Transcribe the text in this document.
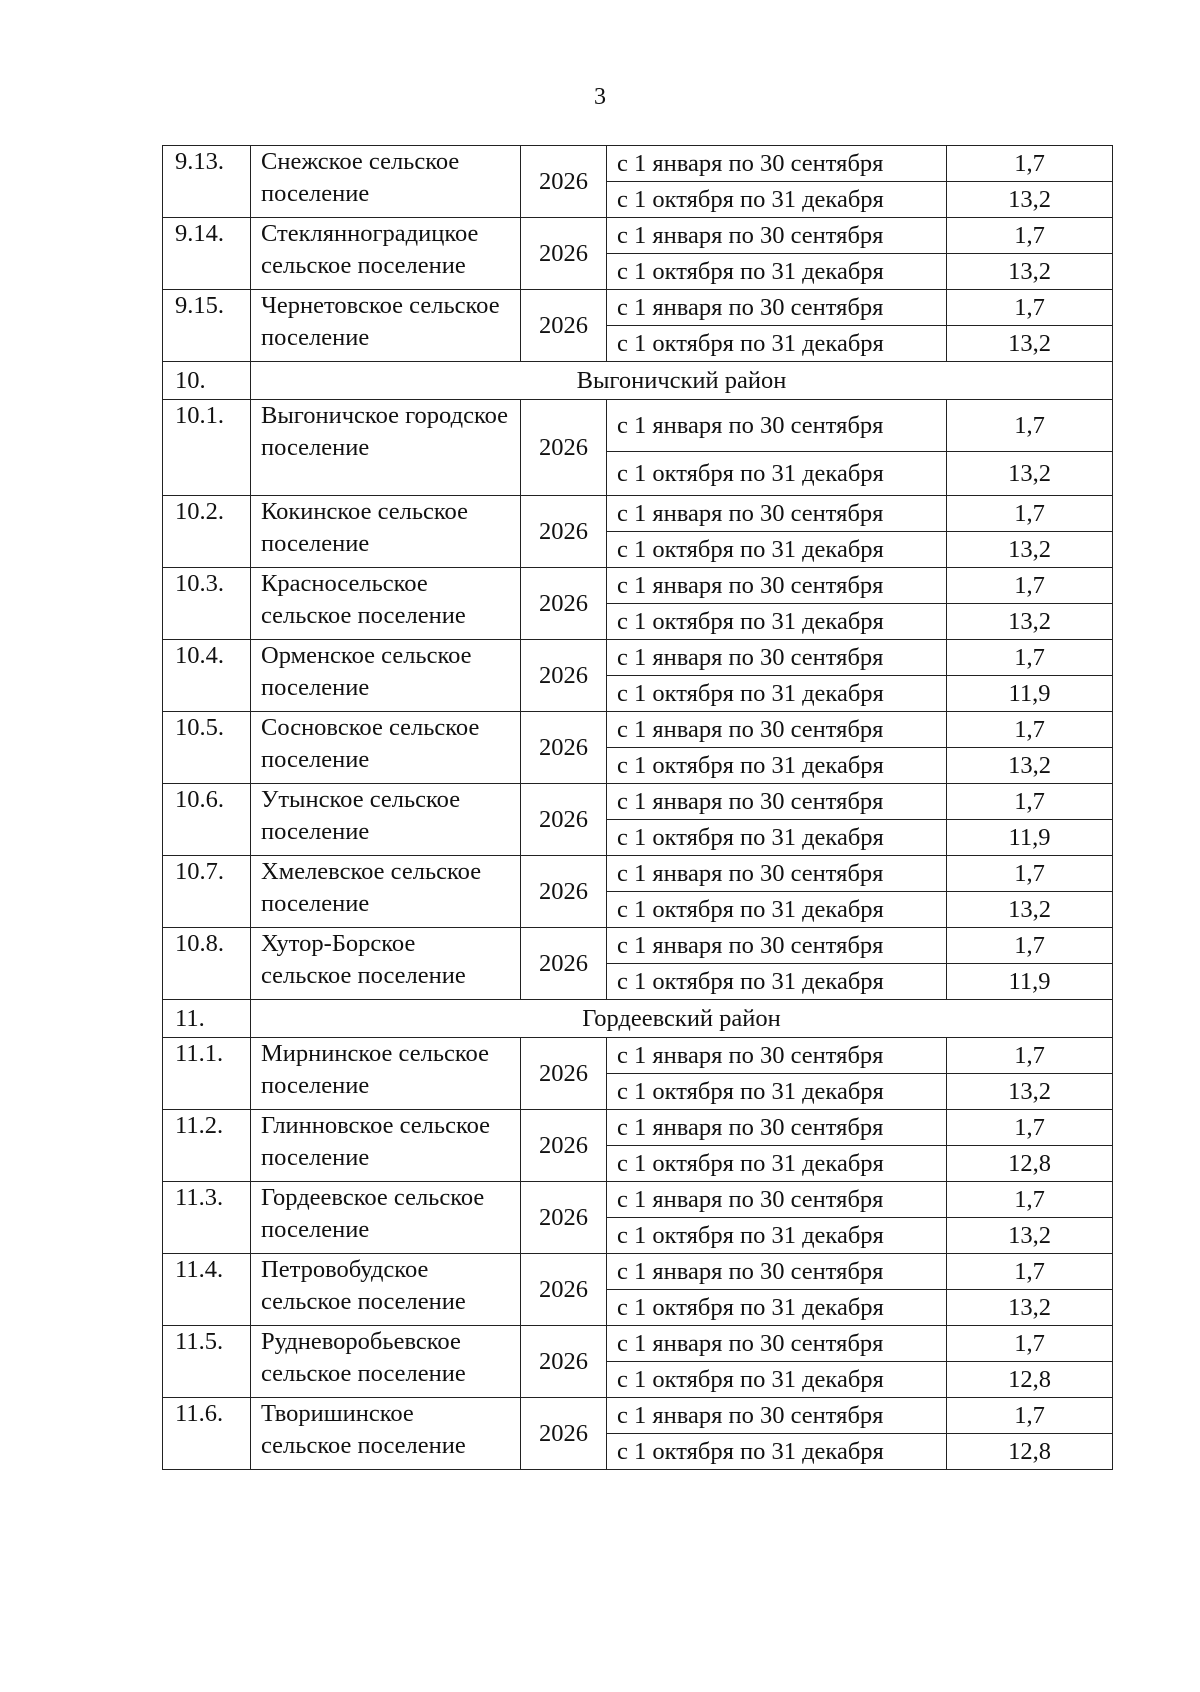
3
9.13.	Снежское сельское поселение	2026	с 1 января по 30 сентября	1,7
			с 1 октября по 31 декабря	13,2
9.14.	Стеклянноградицкое сельское поселение	2026	с 1 января по 30 сентября	1,7
			с 1 октября по 31 декабря	13,2
9.15.	Чернетовское сельское поселение	2026	с 1 января по 30 сентября	1,7
			с 1 октября по 31 декабря	13,2
10.	Выгоничский район			
10.1.	Выгоничское городское поселение	2026	с 1 января по 30 сентября	1,7
			с 1 октября по 31 декабря	13,2
10.2.	Кокинское сельское поселение	2026	с 1 января по 30 сентября	1,7
			с 1 октября по 31 декабря	13,2
10.3.	Красносельское сельское поселение	2026	с 1 января по 30 сентября	1,7
			с 1 октября по 31 декабря	13,2
10.4.	Орменское сельское поселение	2026	с 1 января по 30 сентября	1,7
			с 1 октября по 31 декабря	11,9
10.5.	Сосновское сельское поселение	2026	с 1 января по 30 сентября	1,7
			с 1 октября по 31 декабря	13,2
10.6.	Утынское сельское поселение	2026	с 1 января по 30 сентября	1,7
			с 1 октября по 31 декабря	11,9
10.7.	Хмелевское сельское поселение	2026	с 1 января по 30 сентября	1,7
			с 1 октября по 31 декабря	13,2
10.8.	Хутор-Борское сельское поселение	2026	с 1 января по 30 сентября	1,7
			с 1 октября по 31 декабря	11,9
11.	Гордеевский район			
11.1.	Мирнинское сельское поселение	2026	с 1 января по 30 сентября	1,7
			с 1 октября по 31 декабря	13,2
11.2.	Глинновское сельское поселение	2026	с 1 января по 30 сентября	1,7
			с 1 октября по 31 декабря	12,8
11.3.	Гордеевское сельское поселение	2026	с 1 января по 30 сентября	1,7
			с 1 октября по 31 декабря	13,2
11.4.	Петровобудское сельское поселение	2026	с 1 января по 30 сентября	1,7
			с 1 октября по 31 декабря	13,2
11.5.	Рудневоробьевское сельское поселение	2026	с 1 января по 30 сентября	1,7
			с 1 октября по 31 декабря	12,8
11.6.	Творишинское сельское поселение	2026	с 1 января по 30 сентября	1,7
			с 1 октября по 31 декабря	12,8
